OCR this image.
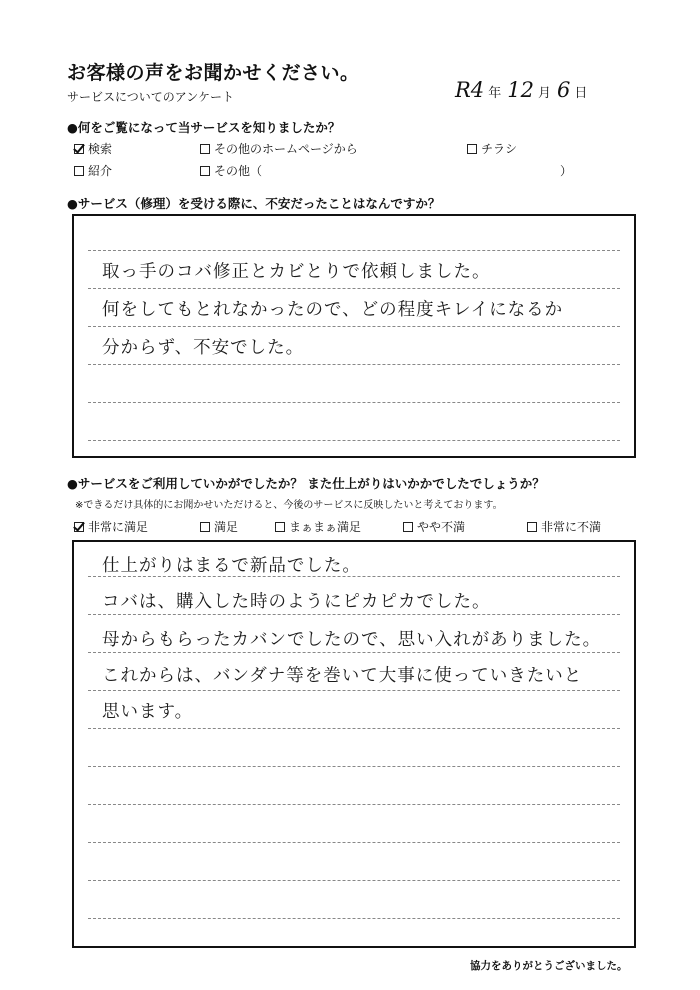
お客様の声をお聞かせください。
サービスについてのアンケート	R4 年 12 月 6 日
●何をご覧になって当サービスを知りましたか？
検索	その他のホームページから	チラシ
紹介	その他（	）
●サービス（修理）を受ける際に、不安だったことはなんですか？
取っ手のコバ修正とカビとりで依頼しました。
何をしてもとれなかったので、どの程度キレイになるか
分からず、不安でした。
●サービスをご利用していかがでしたか？ また仕上がりはいかかでしたでしょうか？
※できるだけ具体的にお聞かせいただけると、今後のサービスに反映したいと考えております。
非常に満足	満足	まぁまぁ満足	やや不満	非常に不満
仕上がりはまるで新品でした。
コバは、購入した時のようにピカピカでした。
母からもらったカバンでしたので、思い入れがありました。
これからは、バンダナ等を巻いて大事に使っていきたいと
思います。
協力をありがとうございました。
